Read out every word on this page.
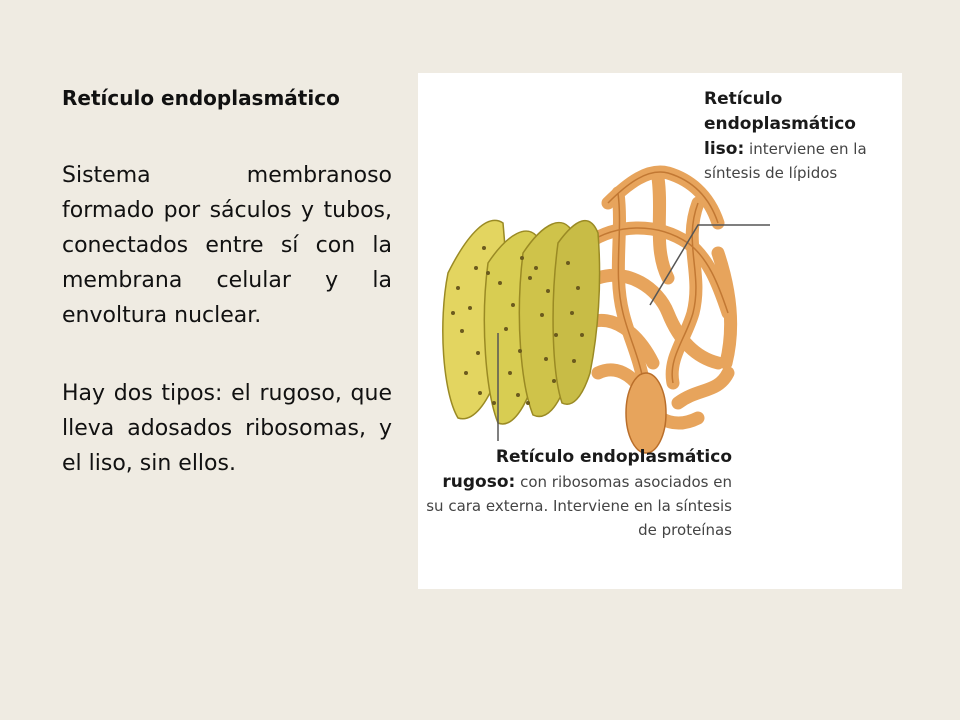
Retículo endoplasmático
Sistema membranoso formado por sáculos y tubos, conectados entre sí con la membrana celular y la envoltura nuclear.
Hay dos tipos: el rugoso, que lleva adosados ribosomas, y el liso, sin ellos.
Retículo endoplasmático
liso: interviene en la síntesis de lípidos
Retículo endoplasmático
rugoso: con ribosomas asociados en su cara externa. Interviene en la síntesis de proteínas
